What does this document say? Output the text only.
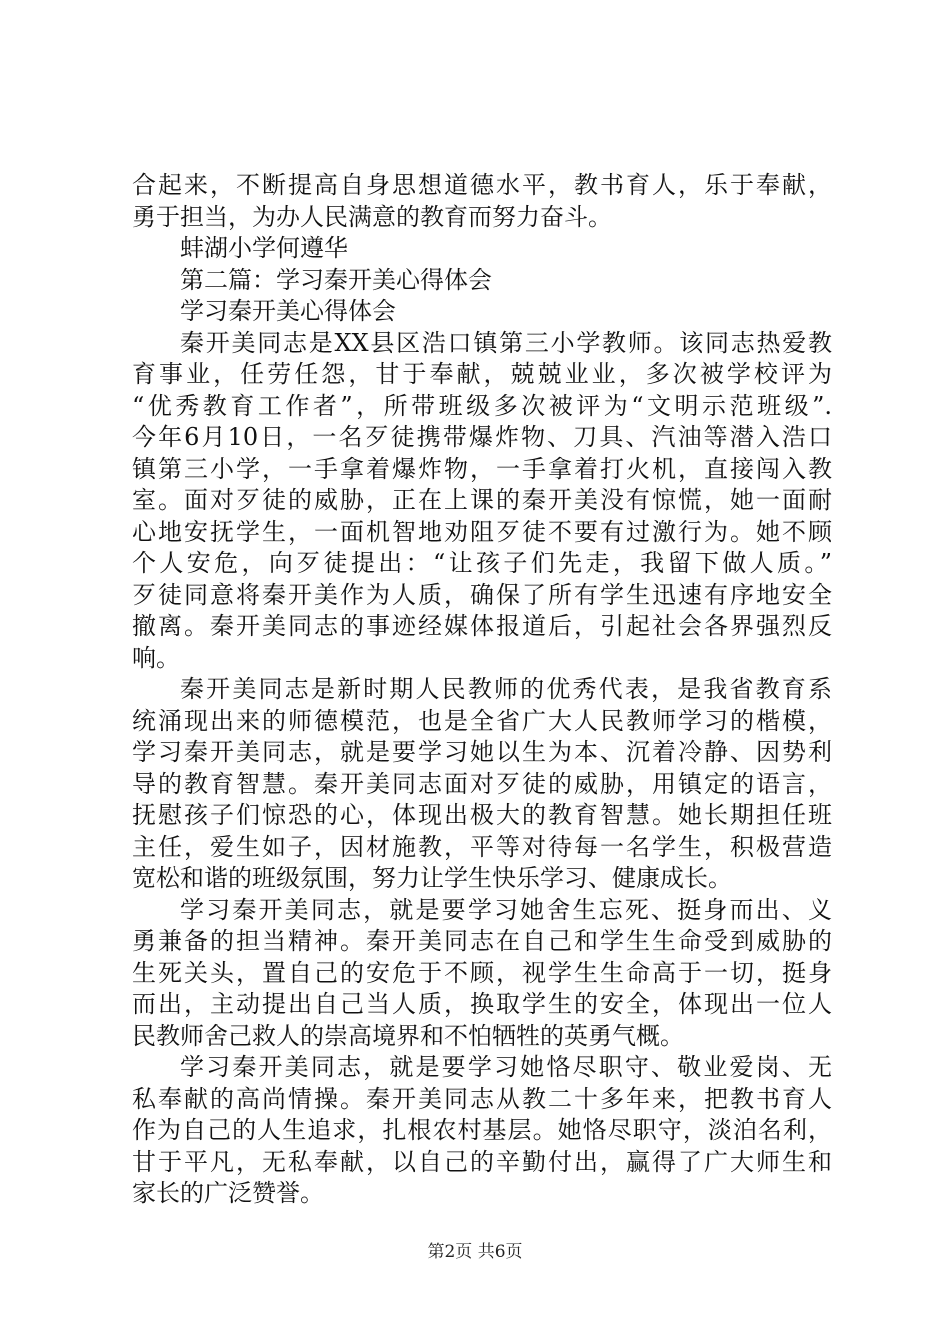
合起来，不断提高自身思想道德水平，教书育人，乐于奉献，
勇于担当，为办人民满意的教育而努力奋斗。
蚌湖小学何遵华
第二篇：学习秦开美心得体会
学习秦开美心得体会
秦开美同志是XX县区浩口镇第三小学教师。该同志热爱教
育事业，任劳任怨，甘于奉献，兢兢业业，多次被学校评为
“优秀教育工作者”，所带班级多次被评为“文明示范班级”.
今年6月10日，一名歹徒携带爆炸物、刀具、汽油等潜入浩口
镇第三小学，一手拿着爆炸物，一手拿着打火机，直接闯入教
室。面对歹徒的威胁，正在上课的秦开美没有惊慌，她一面耐
心地安抚学生，一面机智地劝阻歹徒不要有过激行为。她不顾
个人安危，向歹徒提出：“让孩子们先走，我留下做人质。”
歹徒同意将秦开美作为人质，确保了所有学生迅速有序地安全
撤离。秦开美同志的事迹经媒体报道后，引起社会各界强烈反
响。
秦开美同志是新时期人民教师的优秀代表，是我省教育系
统涌现出来的师德模范，也是全省广大人民教师学习的楷模，
学习秦开美同志，就是要学习她以生为本、沉着冷静、因势利
导的教育智慧。秦开美同志面对歹徒的威胁，用镇定的语言，
抚慰孩子们惊恐的心，体现出极大的教育智慧。她长期担任班
主任，爱生如子，因材施教，平等对待每一名学生，积极营造
宽松和谐的班级氛围，努力让学生快乐学习、健康成长。
学习秦开美同志，就是要学习她舍生忘死、挺身而出、义
勇兼备的担当精神。秦开美同志在自己和学生生命受到威胁的
生死关头，置自己的安危于不顾，视学生生命高于一切，挺身
而出，主动提出自己当人质，换取学生的安全，体现出一位人
民教师舍己救人的崇高境界和不怕牺牲的英勇气概。
学习秦开美同志，就是要学习她恪尽职守、敬业爱岗、无
私奉献的高尚情操。秦开美同志从教二十多年来，把教书育人
作为自己的人生追求，扎根农村基层。她恪尽职守，淡泊名利，
甘于平凡，无私奉献，以自己的辛勤付出，赢得了广大师生和
家长的广泛赞誉。
第2页 共6页
